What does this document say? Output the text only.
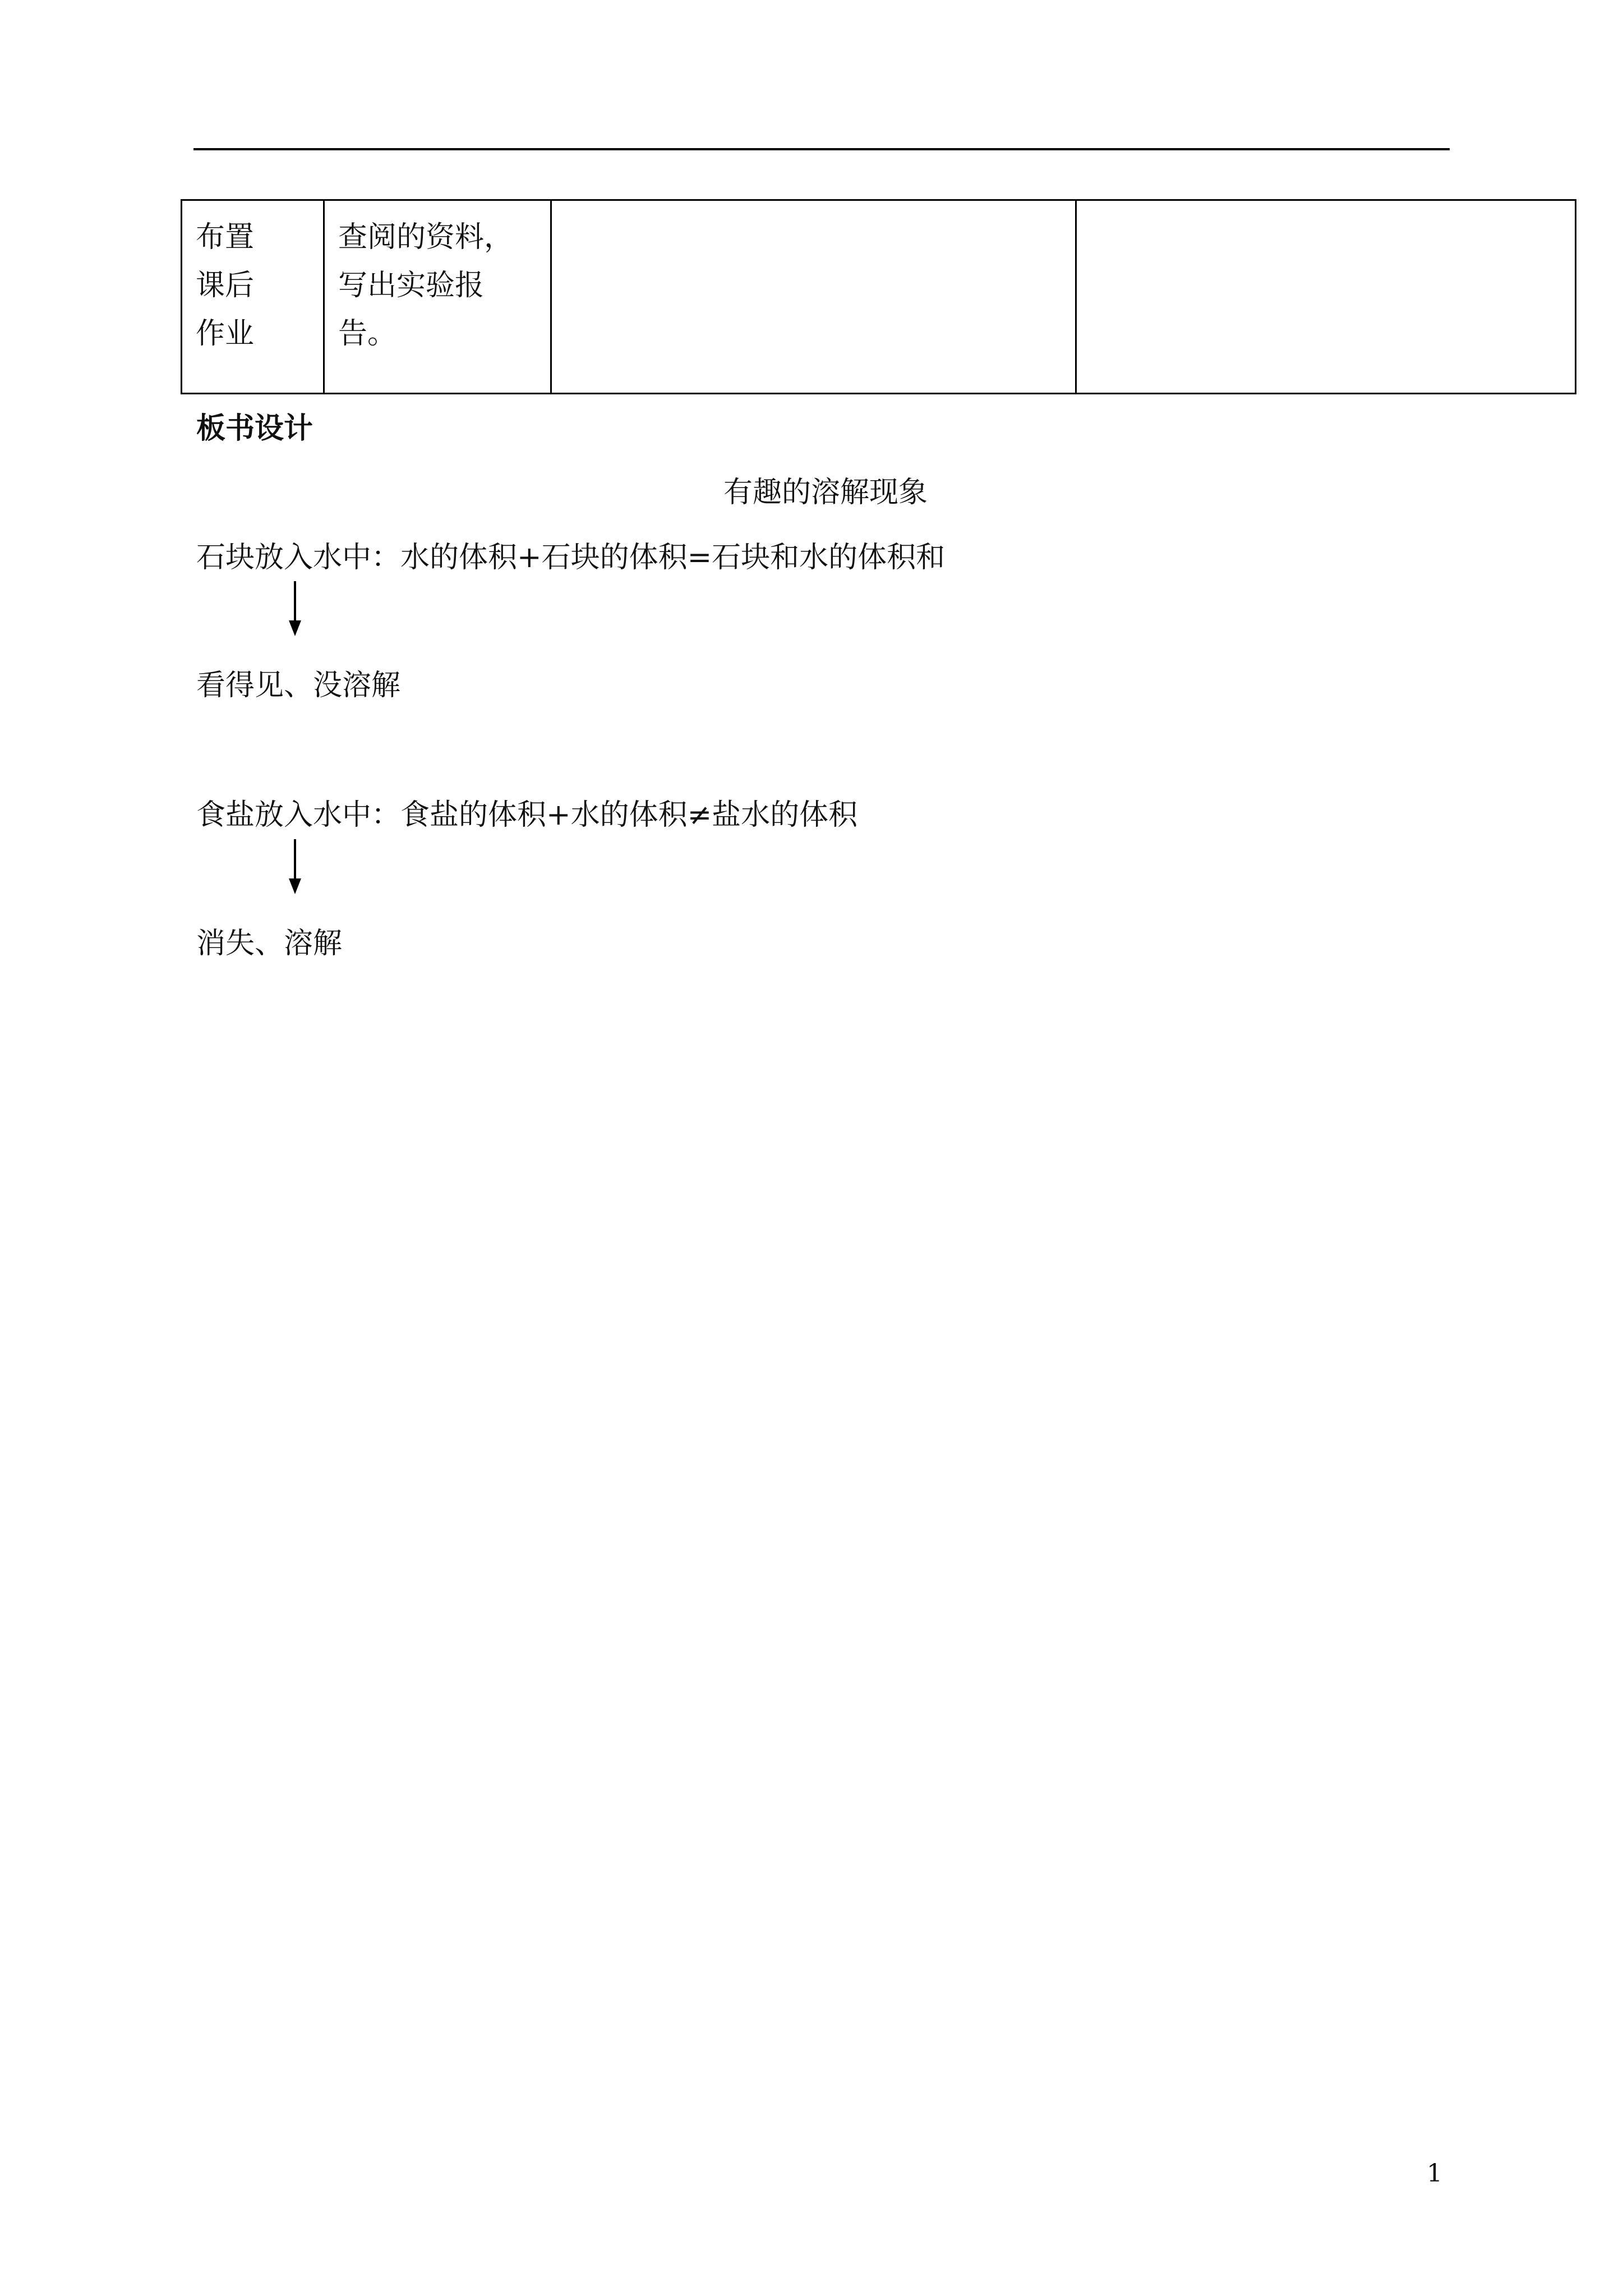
布置
课后
作业

查阅的资料，
写出实验报
告。

板书设计
有趣的溶解现象
石块放入水中：水的体积+石块的体积=石块和水的体积和
看得见、没溶解
食盐放入水中：食盐的体积+水的体积≠盐水的体积
消失、溶解
1
